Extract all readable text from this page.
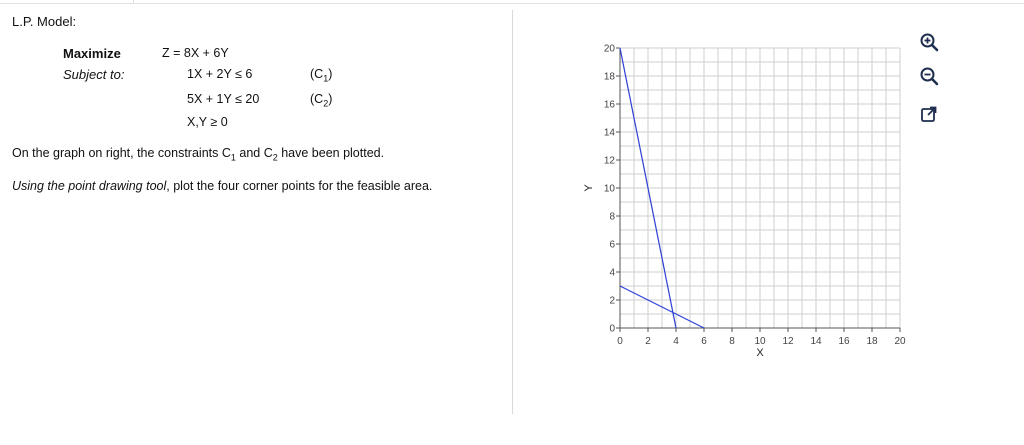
L.P. Model:
Maximize
Subject to:
Z = 8X + 6Y
1X + 2Y ≤ 6	$(C_1)$
5X + 1Y ≤ 20	$(C_2)$
X,Y ≥ 0
On the graph on right, the constraints $C_1$ and $C_2$ have been plotted.
Using the point drawing tool, plot the four corner points for the feasible area.
0 2 4 6 8 10 12 14 16 18 20
0
2
4
6
8
10
12
14
16
18
20
X
Y
